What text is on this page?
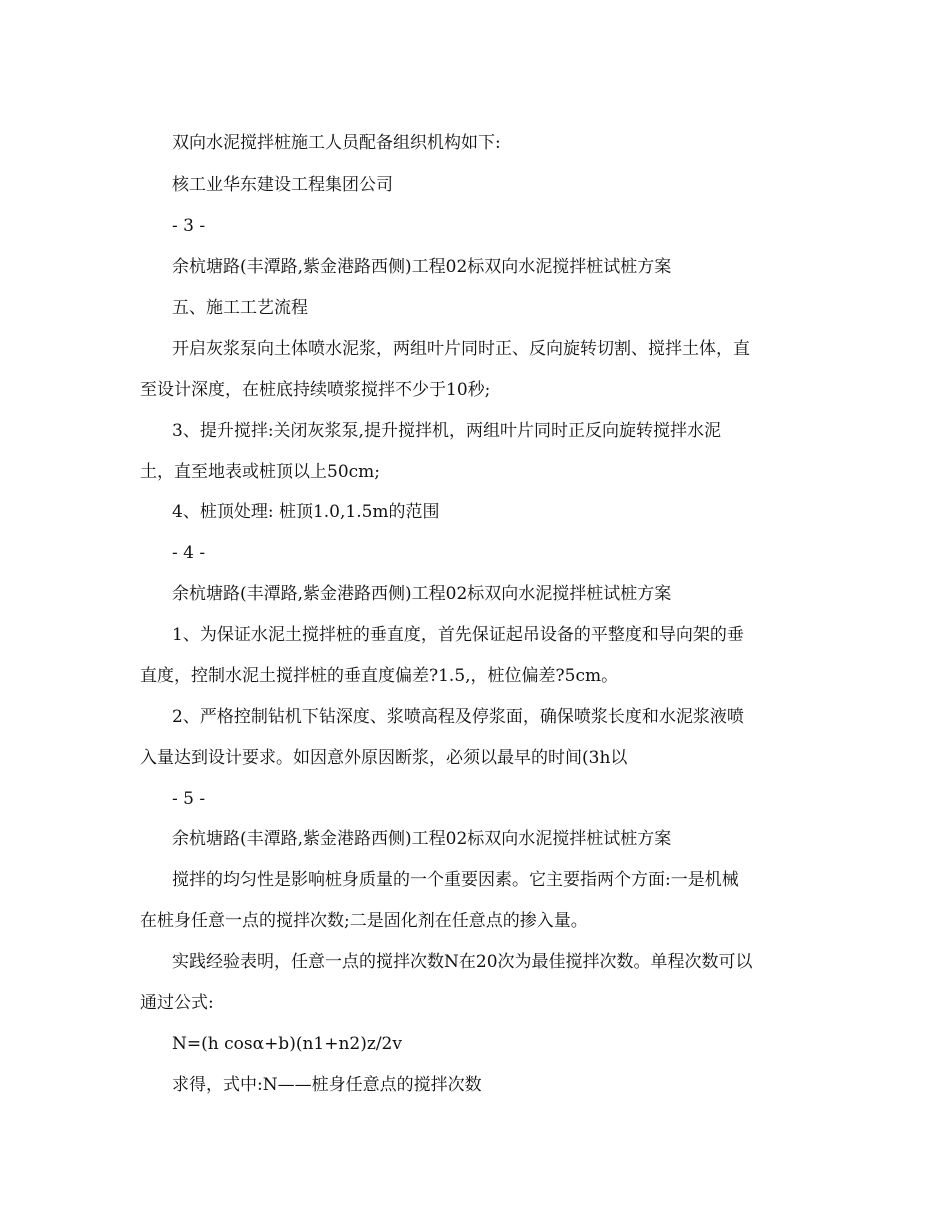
双向水泥搅拌桩施工人员配备组织机构如下:
核工业华东建设工程集团公司
- 3 -
余杭塘路(丰潭路,紫金港路西侧)工程02标双向水泥搅拌桩试桩方案
五、施工工艺流程
开启灰浆泵向土体喷水泥浆，两组叶片同时正、反向旋转切割、搅拌土体，直
至设计深度，在桩底持续喷浆搅拌不少于10秒;
3、提升搅拌:关闭灰浆泵,提升搅拌机，两组叶片同时正反向旋转搅拌水泥
土，直至地表或桩顶以上50cm;
4、桩顶处理: 桩顶1.0,1.5m的范围
- 4 -
余杭塘路(丰潭路,紫金港路西侧)工程02标双向水泥搅拌桩试桩方案
1、为保证水泥土搅拌桩的垂直度，首先保证起吊设备的平整度和导向架的垂
直度，控制水泥土搅拌桩的垂直度偏差?1.5,，桩位偏差?5cm。
2、严格控制钻机下钻深度、浆喷高程及停浆面，确保喷浆长度和水泥浆液喷
入量达到设计要求。如因意外原因断浆，必须以最早的时间(3h以
- 5 -
余杭塘路(丰潭路,紫金港路西侧)工程02标双向水泥搅拌桩试桩方案
搅拌的均匀性是影响桩身质量的一个重要因素。它主要指两个方面:一是机械
在桩身任意一点的搅拌次数;二是固化剂在任意点的掺入量。
实践经验表明，任意一点的搅拌次数N在20次为最佳搅拌次数。单程次数可以
通过公式:
N=(h cosα+b)(n1+n2)z/2v
求得，式中:N——桩身任意点的搅拌次数
